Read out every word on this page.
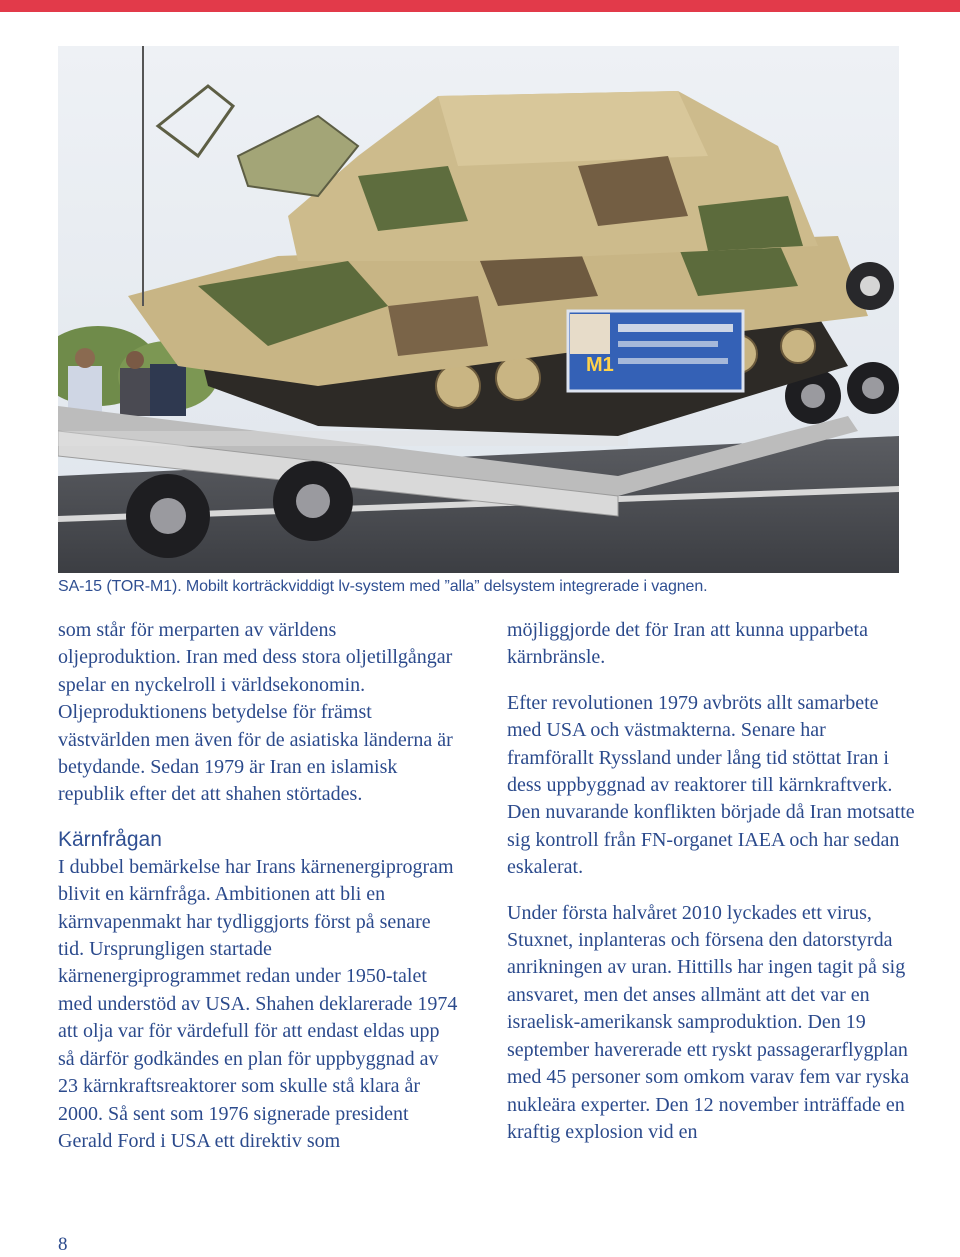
M1
SA-15 (TOR-M1). Mobilt korträckviddigt lv-system med ”alla” delsystem integrerade i vagnen.

som står för merparten av världens oljeproduktion. Iran med dess stora oljetillgångar spelar en nyckelroll i världsekonomin. Oljeproduktionens betydelse för främst västvärlden men även för de asiatiska länderna är betydande. Sedan 1979 är Iran en islamisk republik efter det att shahen störtades.

Kärnfrågan

I dubbel bemärkelse har Irans kärnenergiprogram blivit en kärnfråga. Ambitionen att bli en kärnvapenmakt har tydliggjorts först på senare tid. Ursprungligen startade kärnenergiprogrammet redan under 1950-talet med understöd av USA. Shahen deklarerade 1974 att olja var för värdefull för att endast eldas upp så därför godkändes en plan för uppbyggnad av 23 kärnkraftsreaktorer som skulle stå klara år 2000. Så sent som 1976 signerade president Gerald Ford i USA ett direktiv som

möjliggjorde det för Iran att kunna upparbeta kärnbränsle.

Efter revolutionen 1979 avbröts allt samarbete med USA och västmakterna. Senare har framförallt Ryssland under lång tid stöttat Iran i dess uppbyggnad av reaktorer till kärnkraftverk. Den nuvarande konflikten började då Iran motsatte sig kontroll från FN-organet IAEA och har sedan eskalerat.

Under första halvåret 2010 lyckades ett virus, Stuxnet, inplanteras och försena den datorstyrda anrikningen av uran. Hittills har ingen tagit på sig ansvaret, men det anses allmänt att det var en israelisk-amerikansk samproduktion. Den 19 september havererade ett ryskt passagerarflygplan med 45 personer som omkom varav fem var ryska nukleära experter. Den 12 november inträffade en kraftig explosion vid en

8
